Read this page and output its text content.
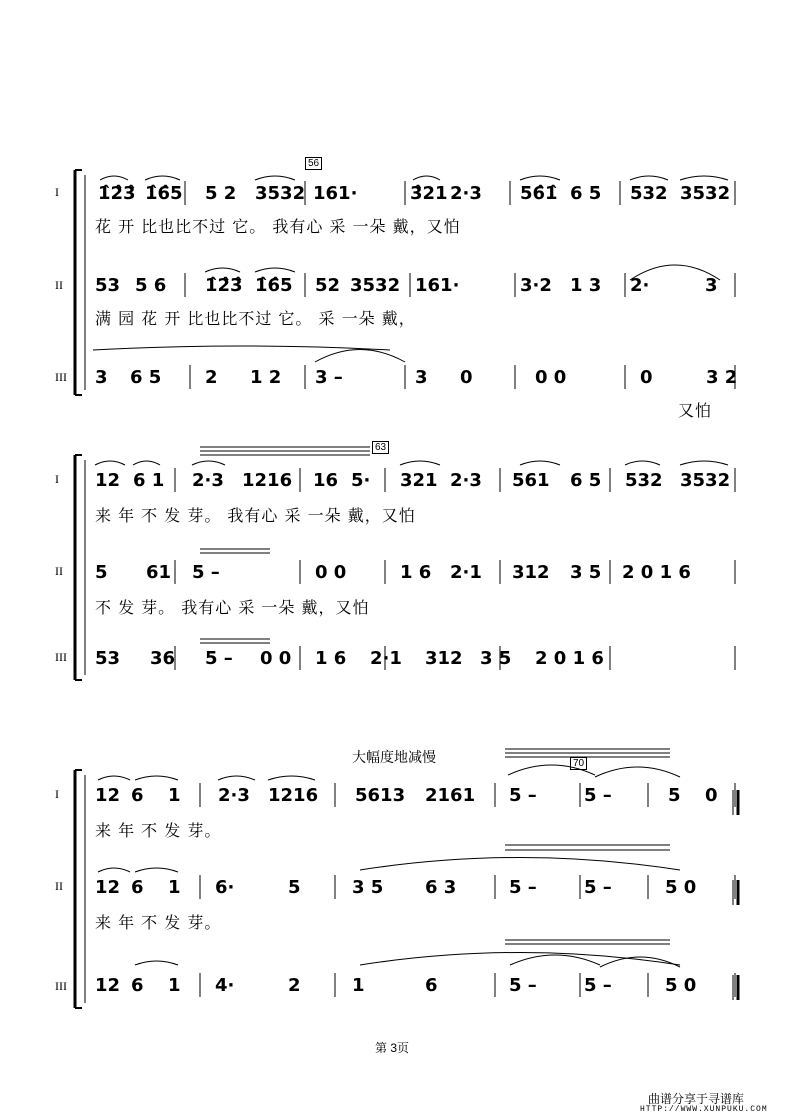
I 1̂2̂3̂ 1̂6̂5 5 2 3532 161·	3̂21 2·3 56̂1̂ 6 5 532 3532
花 开 比也比不过 它。 我有心 采 一朵 戴，又怕
II 53 5 6 1̂2̂3̂ 1̂6̂5 52 3532 161·	3·2 1 3 2·	3
满 园 花 开 比也比不过 它。 采 一朵 戴，
III 3 6 5 2 1 2 3 –	3 0	0 0	0	3 2
又怕
I 12 6 1 2·3 1216 16 5· 321 2·3 561 6 5 532 3532
来 年 不 发 芽。 我有心 采 一朵 戴，又怕
II 5 61 5 –	0 0	1 6 2·1 312 3 5 2 0 1 6
不 发 芽。 我有心 采 一朵 戴，又怕
III 53 36 5 – 0 0 1 6 2·1 312 3 5 2 0 1 6
I 12 6 1 2·3 1216 5613 2161 5 –	5 –	5 0
来 年 不 发 芽。
II 12 6 1 6·	5	3 5 6 3	5 –	5 –	5 0
来 年 不 发 芽。
III 12 6 1 4·	2	1	6	5 –	5 –	5 0
56
63
70
大幅度地减慢
第 3页
曲谱分享于寻谱库
HTTP://WWW.XUNPUKU.COM
